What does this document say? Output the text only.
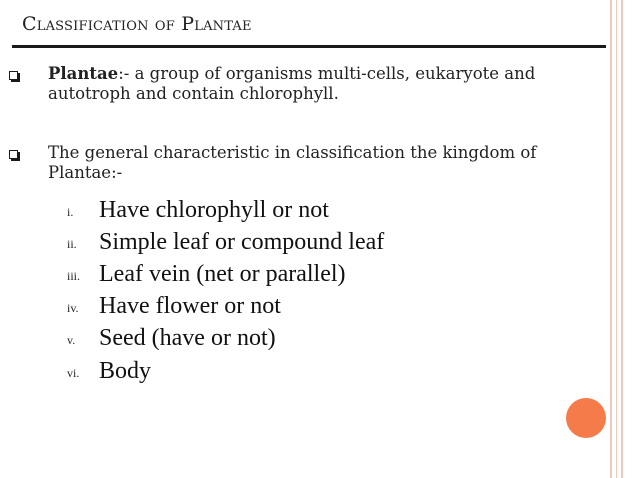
Classification of Plantae
Plantae:- a group of organisms multi-cells, eukaryote and autotroph and contain chlorophyll.
The general characteristic in classification the kingdom of Plantae:-
i. Have chlorophyll or not
ii. Simple leaf or compound leaf
iii. Leaf vein (net or parallel)
iv. Have flower or not
v. Seed (have or not)
vi. Body
